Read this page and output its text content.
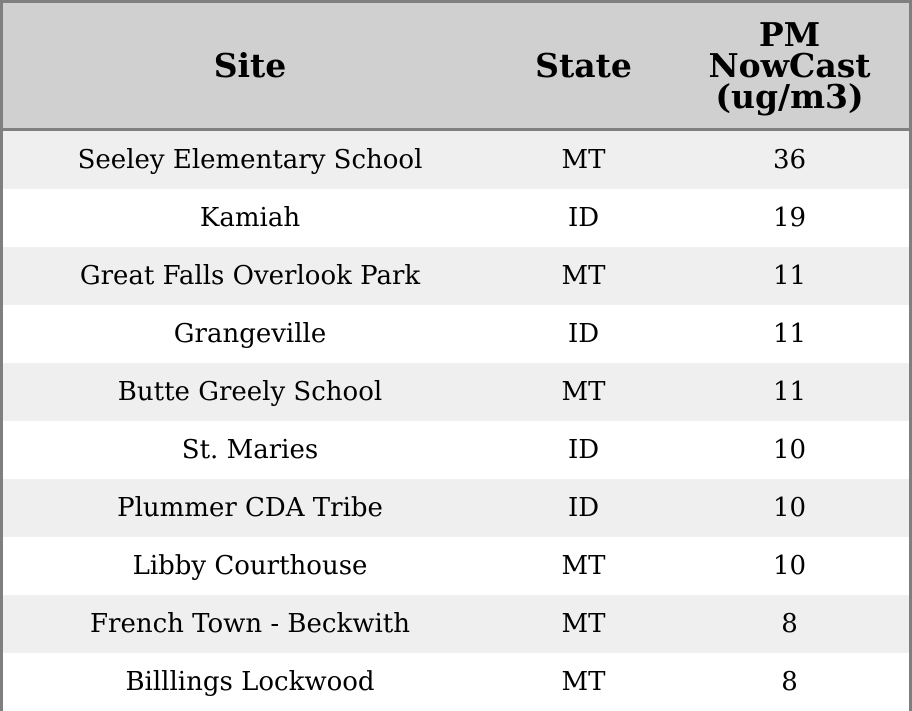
Site	State	PM
NowCast
(ug/m3)

Seeley Elementary School	MT	36
Kamiah	ID	19
Great Falls Overlook Park	MT	11
Grangeville	ID	11
Butte Greely School	MT	11
St. Maries	ID	10
Plummer CDA Tribe	ID	10
Libby Courthouse	MT	10
French Town - Beckwith	MT	8
Billlings Lockwood	MT	8
